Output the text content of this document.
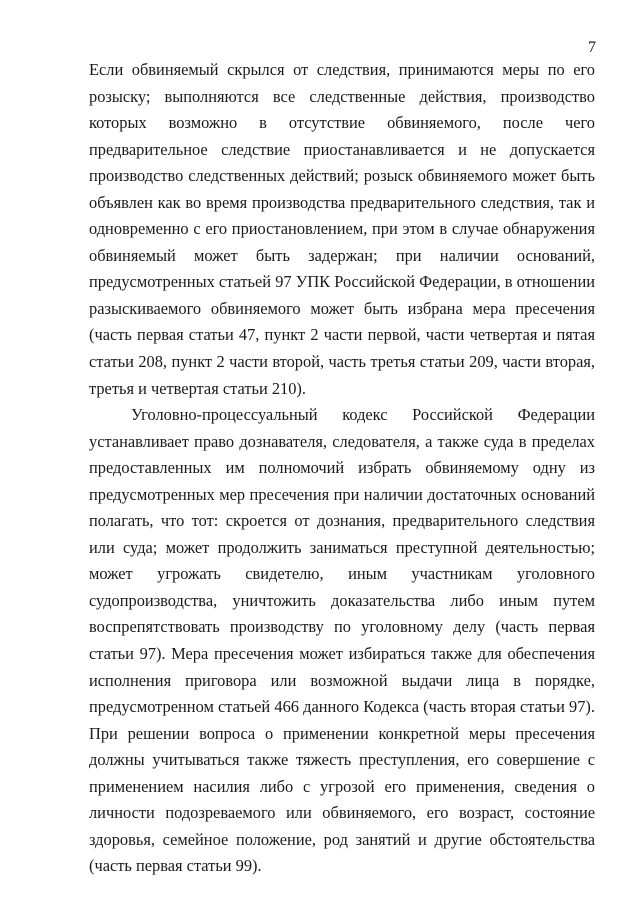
7

Если обвиняемый скрылся от следствия, принимаются меры по его розыску; выполняются все следственные действия, производство которых возможно в отсутствие обвиняемого, после чего предварительное следствие приостанавливается и не допускается производство следственных действий; розыск обвиняемого может быть объявлен как во время производства предварительного следствия, так и одновременно с его приостановлением, при этом в случае обнаружения обвиняемый может быть задержан; при наличии оснований, предусмотренных статьей 97 УПК Российской Федерации, в отношении разыскиваемого обвиняемого может быть избрана мера пресечения (часть первая статьи 47, пункт 2 части первой, части четвертая и пятая статьи 208, пункт 2 части второй, часть третья статьи 209, части вторая, третья и четвертая статьи 210).

Уголовно-процессуальный кодекс Российской Федерации устанавливает право дознавателя, следователя, а также суда в пределах предоставленных им полномочий избрать обвиняемому одну из предусмотренных мер пресечения при наличии достаточных оснований полагать, что тот: скроется от дознания, предварительного следствия или суда; может продолжить заниматься преступной деятельностью; может угрожать свидетелю, иным участникам уголовного судопроизводства, уничтожить доказательства либо иным путем воспрепятствовать производству по уголовному делу (часть первая статьи 97). Мера пресечения может избираться также для обеспечения исполнения приговора или возможной выдачи лица в порядке, предусмотренном статьей 466 данного Кодекса (часть вторая статьи 97). При решении вопроса о применении конкретной меры пресечения должны учитываться также тяжесть преступления, его совершение с применением насилия либо с угрозой его применения, сведения о личности подозреваемого или обвиняемого, его возраст, состояние здоровья, семейное положение, род занятий и другие обстоятельства (часть первая статьи 99).
